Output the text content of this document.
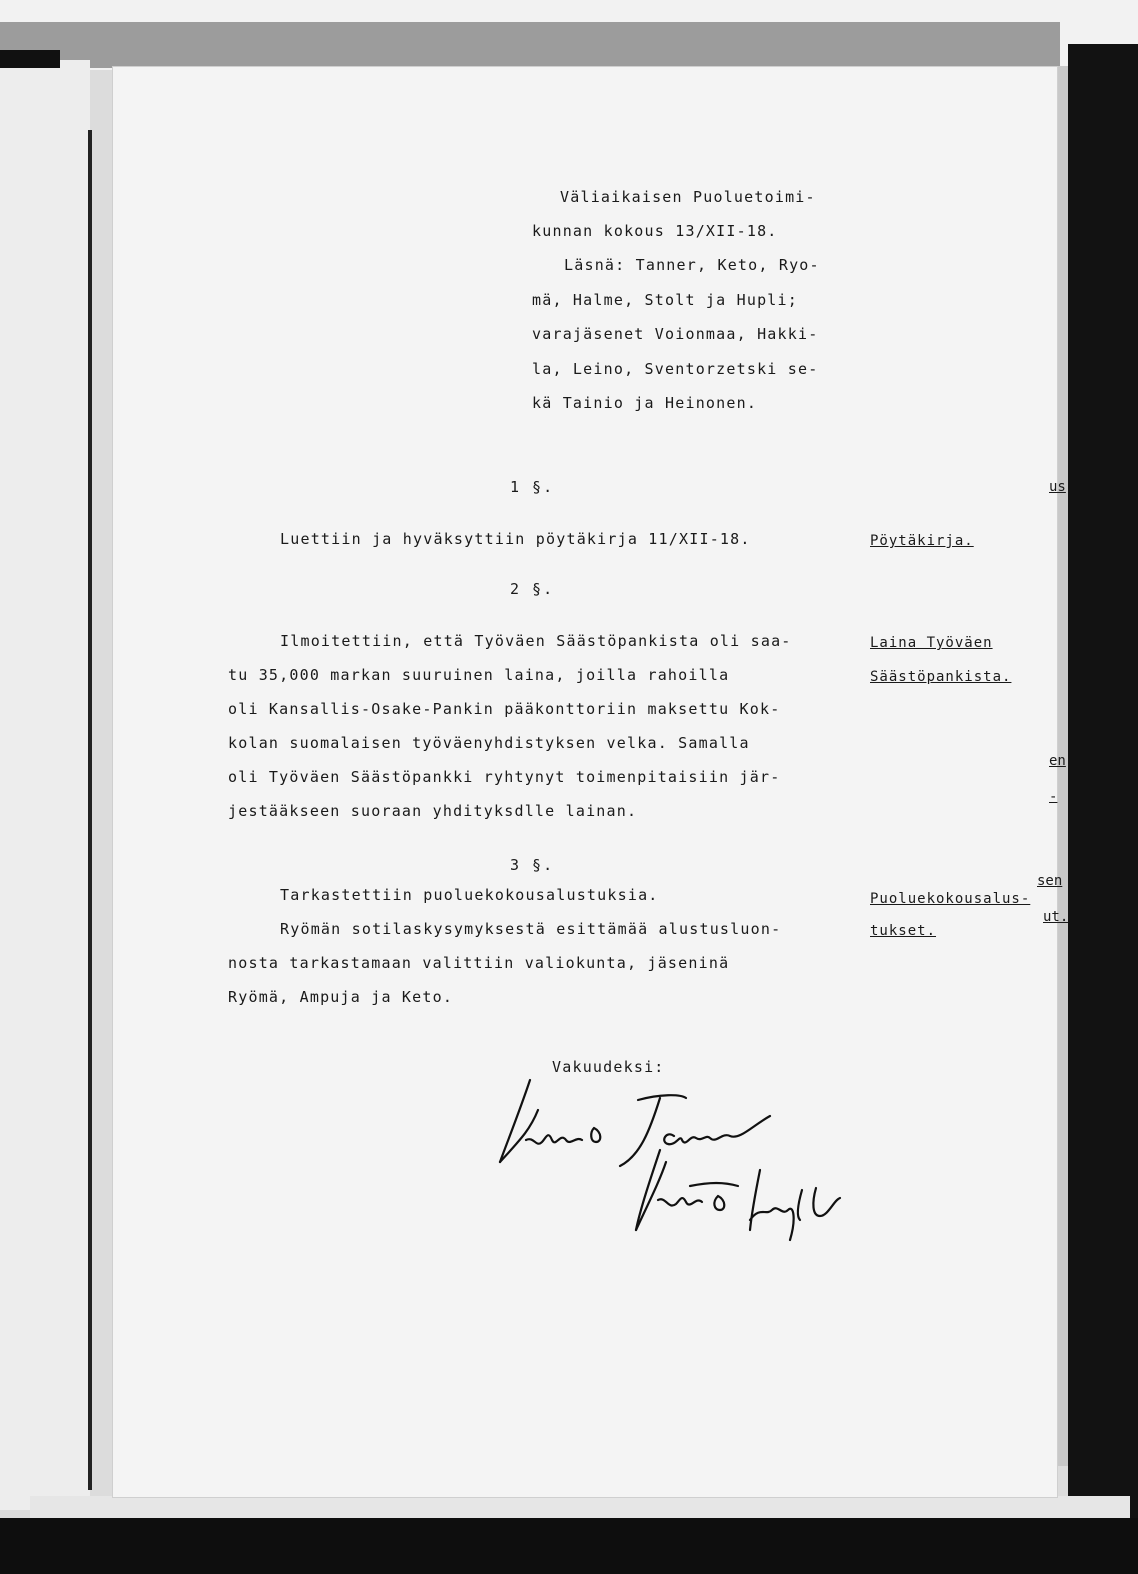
Väliaikaisen Puoluetoimi-
kunnan kokous 13/XII-18.
Läsnä: Tanner, Keto, Ryo-
mä, Halme, Stolt ja Hupli;
varajäsenet Voionmaa, Hakki-
la, Leino, Sventorzetski se-
kä Tainio ja Heinonen.
1 §.
Luettiin ja hyväksyttiin pöytäkirja 11/XII-18.	Pöytäkirja.
2 §.
Ilmoitettiin, että Työväen Säästöpankista oli saa-
tu 35,000 markan suuruinen laina, joilla rahoilla
oli Kansallis-Osake-Pankin pääkonttoriin maksettu Kok-
kolan suomalaisen työväenyhdistyksen velka. Samalla
oli Työväen Säästöpankki ryhtynyt toimenpitaisiin jär-
jestääkseen suoraan yhdityksdlle lainan.
Laina Työväen
Säästöpankista.
3 §.
Tarkastettiin puoluekokousalustuksia.
Ryömän sotilaskysymyksestä esittämää alustusluon-
nosta tarkastamaan valittiin valiokunta, jäseninä
Ryömä, Ampuja ja Keto.
Puoluekokousalus-
tukset.
us
en
-
sen
ut.
Vakuudeksi:
